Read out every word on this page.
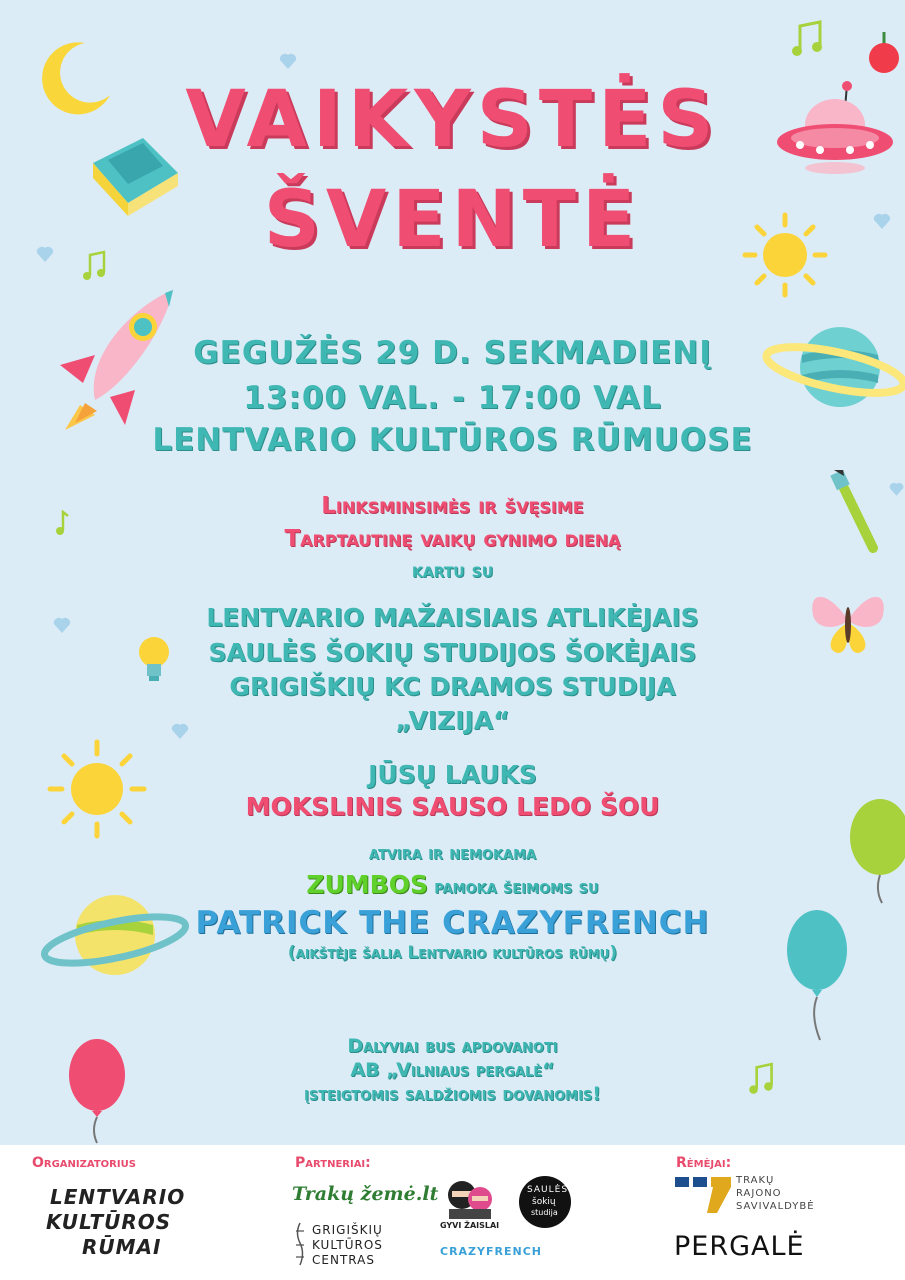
VAIKYSTĖS
ŠVENTĖ
GEGUŽĖS 29 D. SEKMADIENĮ
13:00 VAL. - 17:00 VAL
LENTVARIO KULTŪROS RŪMUOSE
Linksminsimės ir švęsime
Tarptautinę vaikų gynimo dieną
kartu su
LENTVARIO MAŽAISIAIS ATLIKĖJAIS
SAULĖS ŠOKIŲ STUDIJOS ŠOKĖJAIS
GRIGIŠKIŲ KC DRAMOS STUDIJA
„VIZIJA“
JŪSŲ LAUKS
MOKSLINIS SAUSO LEDO ŠOU
atvira ir nemokama
ZUMBOS pamoka šeimoms su
PATRICK THE CRAZYFRENCH
(aikštėje šalia Lentvario kultūros rūmų)
Dalyviai bus apdovanoti
AB „Vilniaus pergalė“
įsteigtomis saldžiomis dovanomis!
Organizatorius
LENTVARIO
KULTŪROS
RŪMAI
Partneriai:
Trakų žemė.lt
GRIGIŠKIŲ
KULTŪROS
CENTRAS
GYVI ŽAISLAI
SAULĖS
šokių
studija
CRAZYFRENCH
Rėmėjai:
TRAKŲ
RAJONO
SAVIVALDYBĖ
PERGALĖ
